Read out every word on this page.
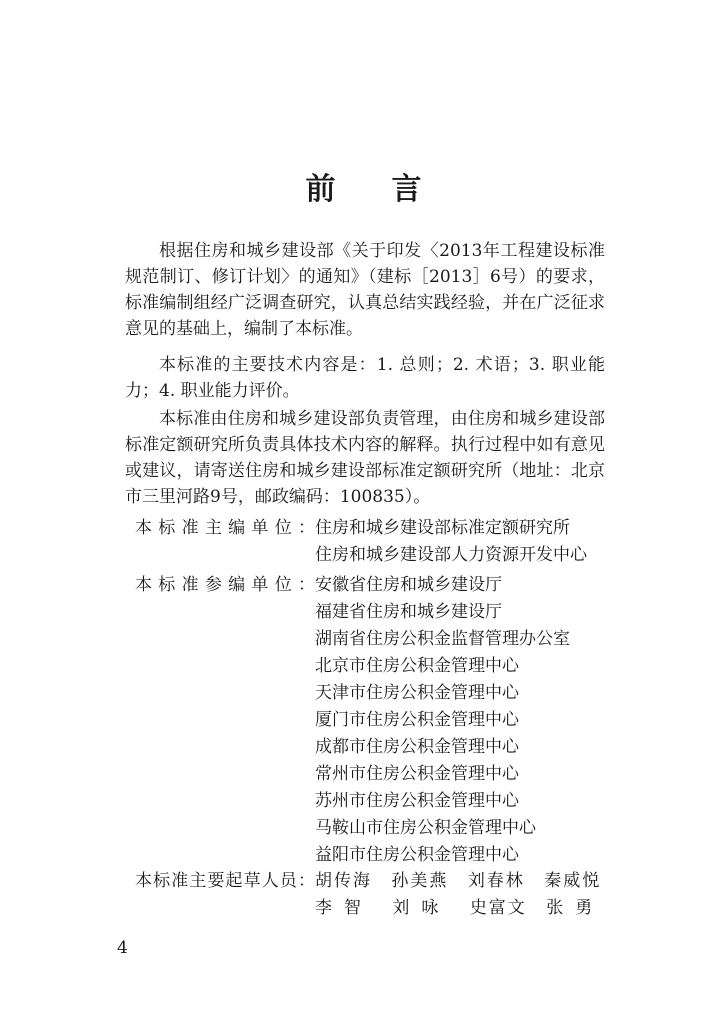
前言

根据住房和城乡建设部《关于印发〈2013年工程建设标准规范制订、修订计划〉的通知》（建标［2013］6号）的要求，标准编制组经广泛调查研究，认真总结实践经验，并在广泛征求意见的基础上，编制了本标准。

本标准的主要技术内容是：1. 总则；2. 术语；3. 职业能力；4. 职业能力评价。

本标准由住房和城乡建设部负责管理，由住房和城乡建设部标准定额研究所负责具体技术内容的解释。执行过程中如有意见或建议，请寄送住房和城乡建设部标准定额研究所（地址：北京市三里河路9号，邮政编码：100835）。

本标准主编单位： 住房和城乡建设部标准定额研究所
住房和城乡建设部人力资源开发中心
本标准参编单位： 安徽省住房和城乡建设厅
福建省住房和城乡建设厅
湖南省住房公积金监督管理办公室
北京市住房公积金管理中心
天津市住房公积金管理中心
厦门市住房公积金管理中心
成都市住房公积金管理中心
常州市住房公积金管理中心
苏州市住房公积金管理中心
马鞍山市住房公积金管理中心
益阳市住房公积金管理中心
本标准主要起草人员： 胡传海 孙美燕 刘春林 秦威悦
李智 刘咏 史富文 张勇
4
